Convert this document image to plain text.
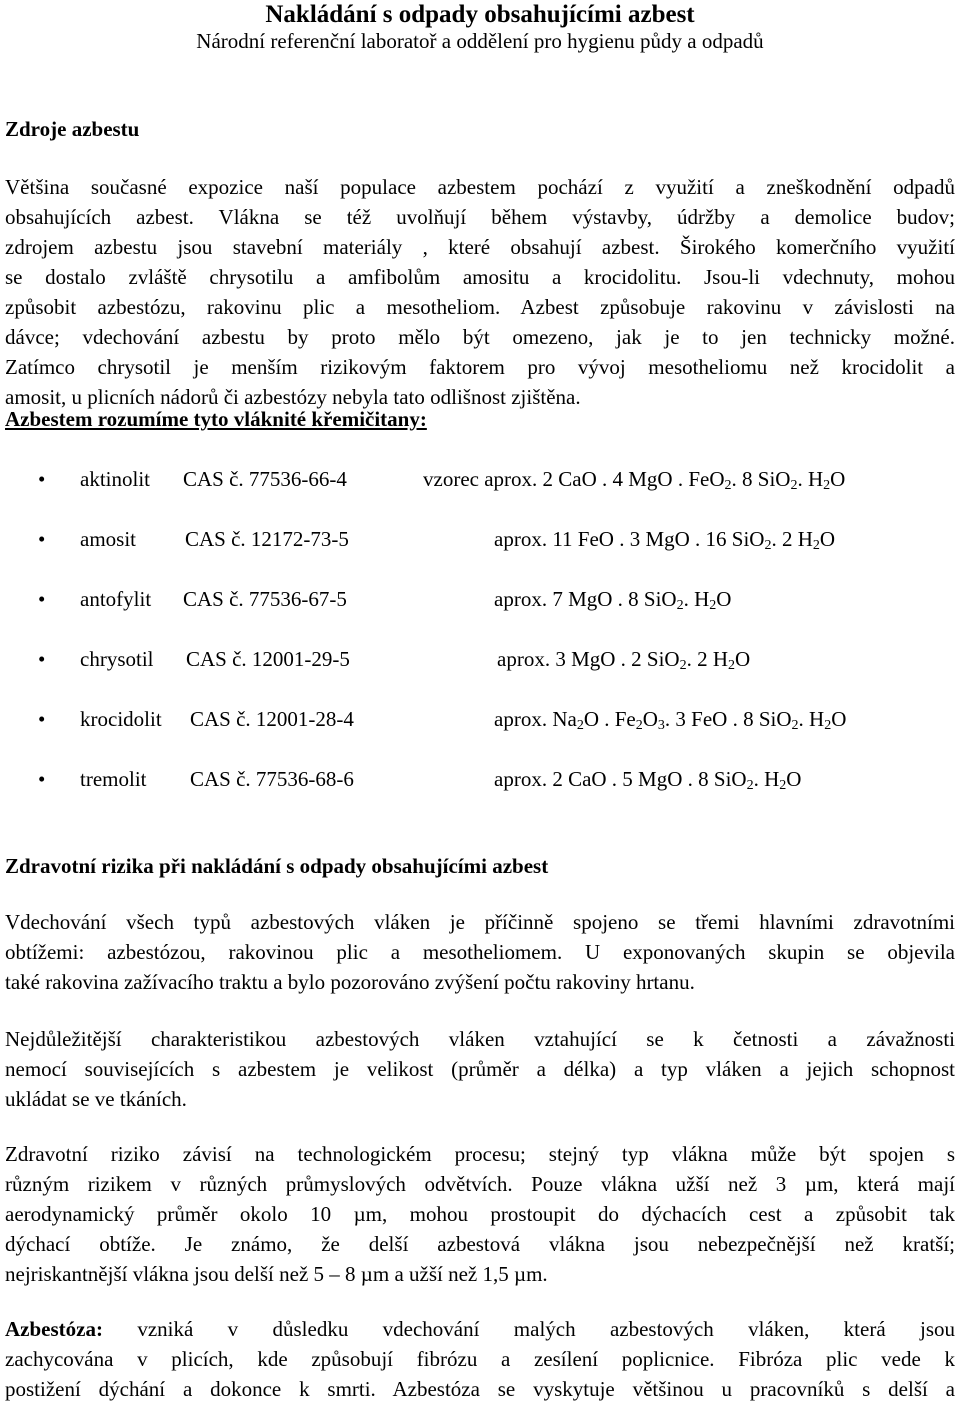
Nakládání s odpady obsahujícími azbest
Národní referenční laboratoř a oddělení pro hygienu půdy a odpadů
Zdroje azbestu
Většina současné expozice naší populace azbestem pochází z využití a zneškodnění odpadů
obsahujících azbest. Vlákna se též uvolňují během výstavby, údržby a demolice budov;
zdrojem azbestu jsou stavební materiály , které obsahují azbest. Širokého komerčního využití
se dostalo zvláště chrysotilu a amfibolům amositu a krocidolitu. Jsou-li vdechnuty, mohou
způsobit azbestózu, rakovinu plic a mesotheliom. Azbest způsobuje rakovinu v závislosti na
dávce; vdechování azbestu by proto mělo být omezeno, jak je to jen technicky možné.
Zatímco chrysotil je menším rizikovým faktorem pro vývoj mesotheliomu než krocidolit a
amosit, u plicních nádorů či azbestózy nebyla tato odlišnost zjištěna.
Azbestem rozumíme tyto vláknité křemičitany:
• aktinolit CAS č. 77536-66-4	vzorec aprox. 2 CaO . 4 MgO . FeO$_2$. 8 SiO$_2$. $H_2O$
• amosit CAS č. 12172-73-5	aprox. 11 FeO . 3 MgO . 16 SiO$_2$. 2 $H_2O$
• antofylit CAS č. 77536-67-5	aprox. 7 MgO . 8 SiO$_2$. $H_2O$
• chrysotil CAS č. 12001-29-5	aprox. 3 MgO . 2 SiO$_2$. 2 $H_2O$
• krocidolit CAS č. 12001-28-4	aprox. $Na_2O$ . $Fe_2O_3$. 3 FeO . 8 SiO$_2$. $H_2O$
• tremolit CAS č. 77536-68-6	aprox. 2 CaO . 5 MgO . 8 SiO$_2$. $H_2O$
Zdravotní rizika při nakládání s odpady obsahujícími azbest
Vdechování všech typů azbestových vláken je příčinně spojeno se třemi hlavními zdravotními
obtížemi: azbestózou, rakovinou plic a mesotheliomem. U exponovaných skupin se objevila
také rakovina zažívacího traktu a bylo pozorováno zvýšení počtu rakoviny hrtanu.
Nejdůležitější charakteristikou azbestových vláken vztahující se k četnosti a závažnosti
nemocí souvisejících s azbestem je velikost (průměr a délka) a typ vláken a jejich schopnost
ukládat se ve tkáních.
Zdravotní riziko závisí na technologickém procesu; stejný typ vlákna může být spojen s
různým rizikem v různých průmyslových odvětvích. Pouze vlákna užší než 3 µm, která mají
aerodynamický průměr okolo 10 µm, mohou prostoupit do dýchacích cest a způsobit tak
dýchací obtíže. Je známo, že delší azbestová vlákna jsou nebezpečnější než kratší;
nejriskantnější vlákna jsou delší než 5 – 8 µm a užší než 1,5 µm.
Azbestóza: vzniká v důsledku vdechování malých azbestových vláken, která jsou
zachycována v plicích, kde způsobují fibrózu a zesílení poplicnice. Fibróza plic vede k
postižení dýchání a dokonce k smrti. Azbestóza se vyskytuje většinou u pracovníků s delší a
